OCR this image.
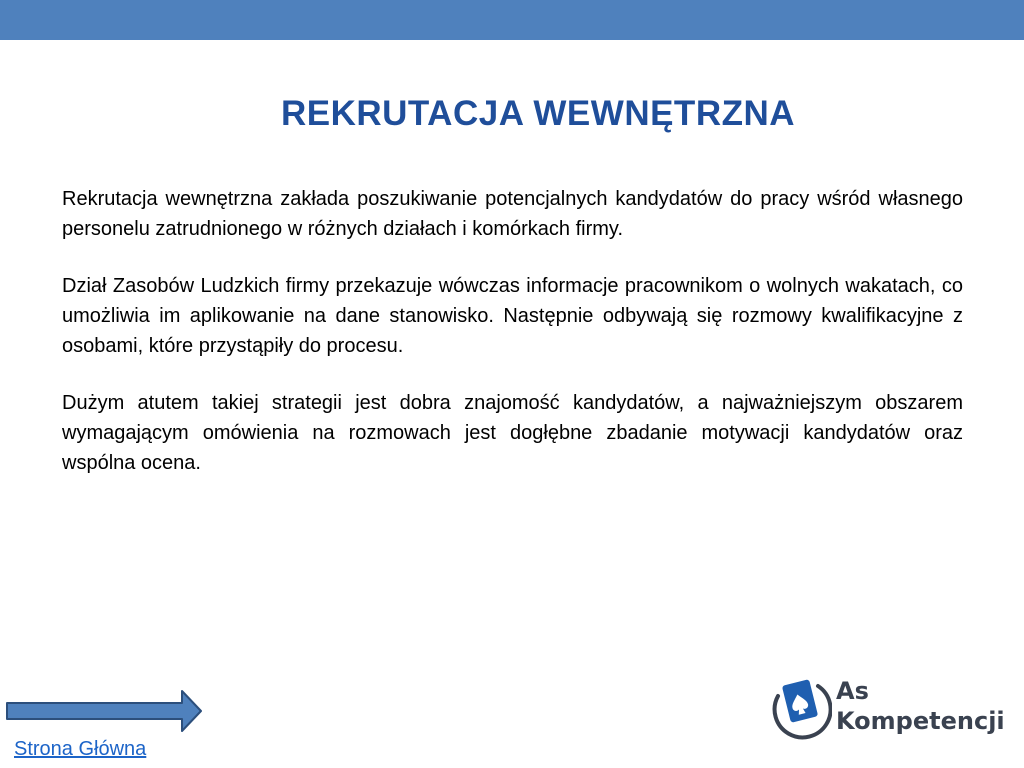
REKRUTACJA WEWNĘTRZNA

Rekrutacja wewnętrzna zakłada poszukiwanie potencjalnych kandydatów do pracy wśród własnego personelu zatrudnionego w różnych działach i komórkach firmy.

Dział Zasobów Ludzkich firmy przekazuje wówczas informacje pracownikom o wolnych wakatach, co umożliwia im aplikowanie na dane stanowisko. Następnie odbywają się rozmowy kwalifikacyjne z osobami, które przystąpiły do procesu.

Dużym atutem takiej strategii jest dobra znajomość kandydatów, a najważniejszym obszarem wymagającym omówienia na rozmowach jest dogłębne zbadanie motywacji kandydatów oraz wspólna ocena.

Strona Główna
As
Kompetencji
